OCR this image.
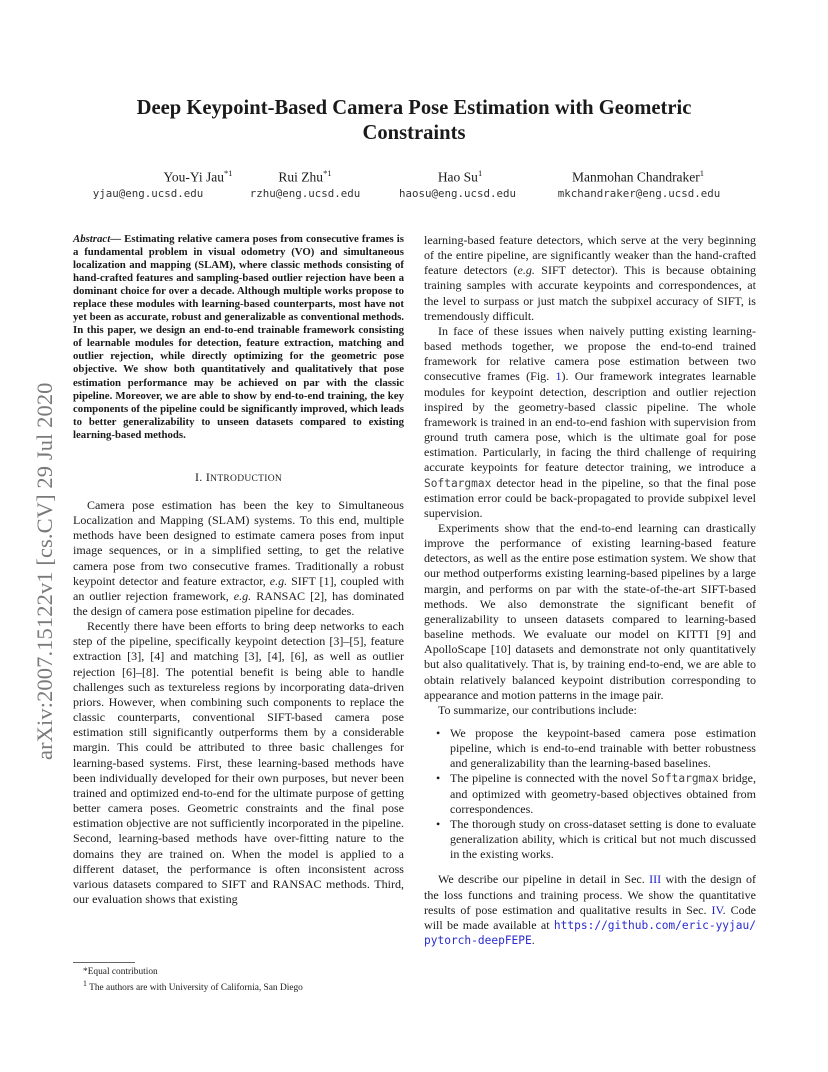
arXiv:2007.15122v1 [cs.CV] 29 Jul 2020
Deep Keypoint-Based Camera Pose Estimation with Geometric Constraints
You-Yi Jau$^{*1}$	Rui Zhu$^{*1}$	Hao Su$^1$	Manmohan Chandraker$^1$
yjau@eng.ucsd.edu	rzhu@eng.ucsd.edu	haosu@eng.ucsd.edu	mkchandraker@eng.ucsd.edu

Abstract— Estimating relative camera poses from consecutive frames is a fundamental problem in visual odometry (VO) and simultaneous localization and mapping (SLAM), where classic methods consisting of hand-crafted features and sampling-based outlier rejection have been a dominant choice for over a decade. Although multiple works propose to replace these modules with learning-based counterparts, most have not yet been as accurate, robust and generalizable as conventional methods. In this paper, we design an end-to-end trainable framework consisting of learnable modules for detection, feature extraction, matching and outlier rejection, while directly optimizing for the geometric pose objective. We show both quantitatively and qualitatively that pose estimation performance may be achieved on par with the classic pipeline. Moreover, we are able to show by end-to-end training, the key components of the pipeline could be significantly improved, which leads to better generalizability to unseen datasets compared to existing learning-based methods.

I. INTRODUCTION

Camera pose estimation has been the key to Simultaneous Localization and Mapping (SLAM) systems. To this end, multiple methods have been designed to estimate camera poses from input image sequences, or in a simplified setting, to get the relative camera pose from two consecutive frames. Traditionally a robust keypoint detector and feature extractor, e.g. SIFT [1], coupled with an outlier rejection framework, e.g. RANSAC [2], has dominated the design of camera pose estimation pipeline for decades.

Recently there have been efforts to bring deep networks to each step of the pipeline, specifically keypoint detection [3]–[5], feature extraction [3], [4] and matching [3], [4], [6], as well as outlier rejection [6]–[8]. The potential benefit is being able to handle challenges such as textureless regions by incorporating data-driven priors. However, when combining such components to replace the classic counterparts, conventional SIFT-based camera pose estimation still significantly outperforms them by a considerable margin. This could be attributed to three basic challenges for learning-based systems. First, these learning-based methods have been individually developed for their own purposes, but never been trained and optimized end-to-end for the ultimate purpose of getting better camera poses. Geometric constraints and the final pose estimation objective are not sufficiently incorporated in the pipeline. Second, learning-based methods have over-fitting nature to the domains they are trained on. When the model is applied to a different dataset, the performance is often inconsistent across various datasets compared to SIFT and RANSAC methods. Third, our evaluation shows that existing

*Equal contribution
$^1$ The authors are with University of California, San Diego

learning-based feature detectors, which serve at the very beginning of the entire pipeline, are significantly weaker than the hand-crafted feature detectors (e.g. SIFT detector). This is because obtaining training samples with accurate keypoints and correspondences, at the level to surpass or just match the subpixel accuracy of SIFT, is tremendously difficult.

In face of these issues when naively putting existing learning-based methods together, we propose the end-to-end trained framework for relative camera pose estimation between two consecutive frames (Fig. 1). Our framework integrates learnable modules for keypoint detection, description and outlier rejection inspired by the geometry-based classic pipeline. The whole framework is trained in an end-to-end fashion with supervision from ground truth camera pose, which is the ultimate goal for pose estimation. Particularly, in facing the third challenge of requiring accurate keypoints for feature detector training, we introduce a Softargmax detector head in the pipeline, so that the final pose estimation error could be back-propagated to provide subpixel level supervision.

Experiments show that the end-to-end learning can drastically improve the performance of existing learning-based feature detectors, as well as the entire pose estimation system. We show that our method outperforms existing learning-based pipelines by a large margin, and performs on par with the state-of-the-art SIFT-based methods. We also demonstrate the significant benefit of generalizability to unseen datasets compared to learning-based baseline methods. We evaluate our model on KITTI [9] and ApolloScape [10] datasets and demonstrate not only quantitatively but also qualitatively. That is, by training end-to-end, we are able to obtain relatively balanced keypoint distribution corresponding to appearance and motion patterns in the image pair.

To summarize, our contributions include:

• We propose the keypoint-based camera pose estimation pipeline, which is end-to-end trainable with better robustness and generalizability than the learning-based baselines.
• The pipeline is connected with the novel Softargmax bridge, and optimized with geometry-based objectives obtained from correspondences.
• The thorough study on cross-dataset setting is done to evaluate generalization ability, which is critical but not much discussed in the existing works.

We describe our pipeline in detail in Sec. III with the design of the loss functions and training process. We show the quantitative results of pose estimation and qualitative results in Sec. IV. Code will be made available at https://github.com/eric-yyjau/pytorch-deepFEPE.
